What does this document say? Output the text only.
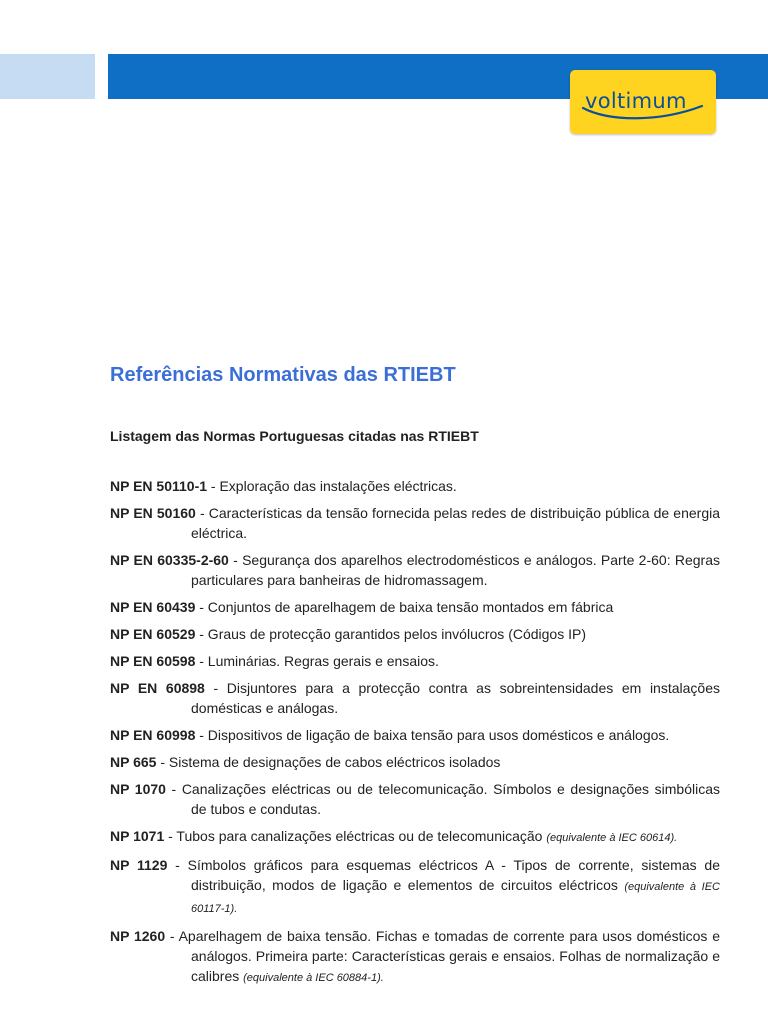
voltimum
Referências Normativas das RTIEBT
Listagem das Normas Portuguesas citadas nas RTIEBT
NP EN 50110-1 - Exploração das instalações eléctricas.
NP EN 50160 - Características da tensão fornecida pelas redes de distribuição pública de energia eléctrica.
NP EN 60335-2-60 - Segurança dos aparelhos electrodomésticos e análogos. Parte 2-60: Regras particulares para banheiras de hidromassagem.
NP EN 60439 - Conjuntos de aparelhagem de baixa tensão montados em fábrica
NP EN 60529 - Graus de protecção garantidos pelos invólucros (Códigos IP)
NP EN 60598 - Luminárias. Regras gerais e ensaios.
NP EN 60898 - Disjuntores para a protecção contra as sobreintensidades em instalações domésticas e análogas.
NP EN 60998 - Dispositivos de ligação de baixa tensão para usos domésticos e análogos.
NP 665 - Sistema de designações de cabos eléctricos isolados
NP 1070 - Canalizações eléctricas ou de telecomunicação. Símbolos e designações simbólicas de tubos e condutas.
NP 1071 - Tubos para canalizações eléctricas ou de telecomunicação (equivalente à IEC 60614).
NP 1129 - Símbolos gráficos para esquemas eléctricos A - Tipos de corrente, sistemas de distribuição, modos de ligação e elementos de circuitos eléctricos (equivalente à IEC 60117-1).
NP 1260 - Aparelhagem de baixa tensão. Fichas e tomadas de corrente para usos domésticos e análogos. Primeira parte: Características gerais e ensaios. Folhas de normalização e calibres (equivalente à IEC 60884-1).
